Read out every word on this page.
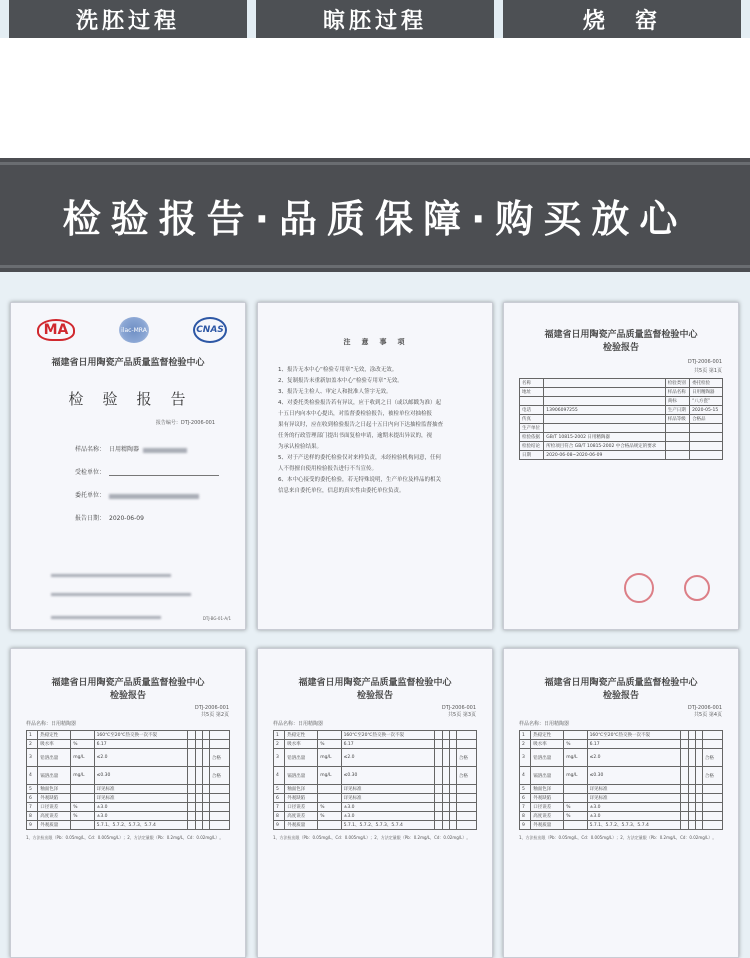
洗胚过程	晾胚过程	烧　窑
检验报告·品质保障·购买放心
MA	ilac-MRA	CNAS
福建省日用陶瓷产品质量监督检验中心
检　验　报　告
报告编号：DTJ-2006-001
样品名称： 日用精陶器
受检单位：
委托单位：
报告日期： 2020-06-09

DTJ-BG-01-A/1
注　意　事　项
1、报告无本中心“检验专用章”无效，涂改无效。
2、复制报告未重新加盖本中心“检验专用章”无效。
3、报告无主检人、审定人和批准人签字无效。
4、对委托类检验报告若有异议，应于收到之日（或以邮戳为准）起
十五日内向本中心提出，对监督委检验报告，被检单位对抽检报
果有异议时，应在收到检验报告之日起十五日内向下达抽检监督抽查
任务的行政管理部门提出书面复检申请，逾期未提出异议的，视
为承认检验结果。
5、对于产送样的委托检验仅对来样负责，未经检验机构同意，任何
人不得擅自使用检验报告进行不当宣传。
6、本中心接受的委托检验，若无特殊说明，生产单位及样品的相关
信息来自委托单位，信息的真实性由委托单位负责。
福建省日用陶瓷产品质量监督检验中心
检验报告
DTJ-2006-001
共5页 第1页
名称		检验类别	委托检验
地址		样品名称	日用精陶器
		商标	“八方瓷”
电话	13906097255	生产日期	2020-05-15
传真		样品等级	合格品
生产单位			
检验依据	GB/T 10815-2002 日用精陶器		
检验结论	所检项目符合 GB/T 10815-2002 中合格品规定的要求		
日期	2020-06-08~2020-06-09		
福建省日用陶瓷产品质量监督检验中心
检验报告
DTJ-2006-001
共5页 第2页
样品名称：日用精陶器
1	热稳定性		160℃至20℃热交换一次不裂				
2	吸水率	%	6.17				
3	铅溶出量	mg/L	≤2.0				合格
4	镉溶出量	mg/L	≤0.30				合格
5	釉面色泽		详见标准				
6	外观缺陷		详见标准				
7	口径误差	%	±3.0				
8	高度误差	%	±3.0				
9	外观质量		5.7.1、5.7.2、5.7.3、5.7.4				
1、方法检出限（Pb：0.05mg/L，Cd：0.005mg/L）；2、方法定量限（Pb：0.2mg/L，Cd：0.02mg/L）。
福建省日用陶瓷产品质量监督检验中心
检验报告
DTJ-2006-001
共5页 第3页
样品名称：日用精陶器
1	热稳定性		160℃至20℃热交换一次不裂				
2	吸水率	%	6.17				
3	铅溶出量	mg/L	≤2.0				合格
4	镉溶出量	mg/L	≤0.30				合格
5	釉面色泽		详见标准				
6	外观缺陷		详见标准				
7	口径误差	%	±3.0				
8	高度误差	%	±3.0				
9	外观质量		5.7.1、5.7.2、5.7.3、5.7.4				
1、方法检出限（Pb：0.05mg/L，Cd：0.005mg/L）；2、方法定量限（Pb：0.2mg/L，Cd：0.02mg/L）。
福建省日用陶瓷产品质量监督检验中心
检验报告
DTJ-2006-001
共5页 第4页
样品名称：日用精陶器
1	热稳定性		160℃至20℃热交换一次不裂				
2	吸水率	%	6.17				
3	铅溶出量	mg/L	≤2.0				合格
4	镉溶出量	mg/L	≤0.30				合格
5	釉面色泽		详见标准				
6	外观缺陷		详见标准				
7	口径误差	%	±3.0				
8	高度误差	%	±3.0				
9	外观质量		5.7.1、5.7.2、5.7.3、5.7.4				
1、方法检出限（Pb：0.05mg/L，Cd：0.005mg/L）；2、方法定量限（Pb：0.2mg/L，Cd：0.02mg/L）。
